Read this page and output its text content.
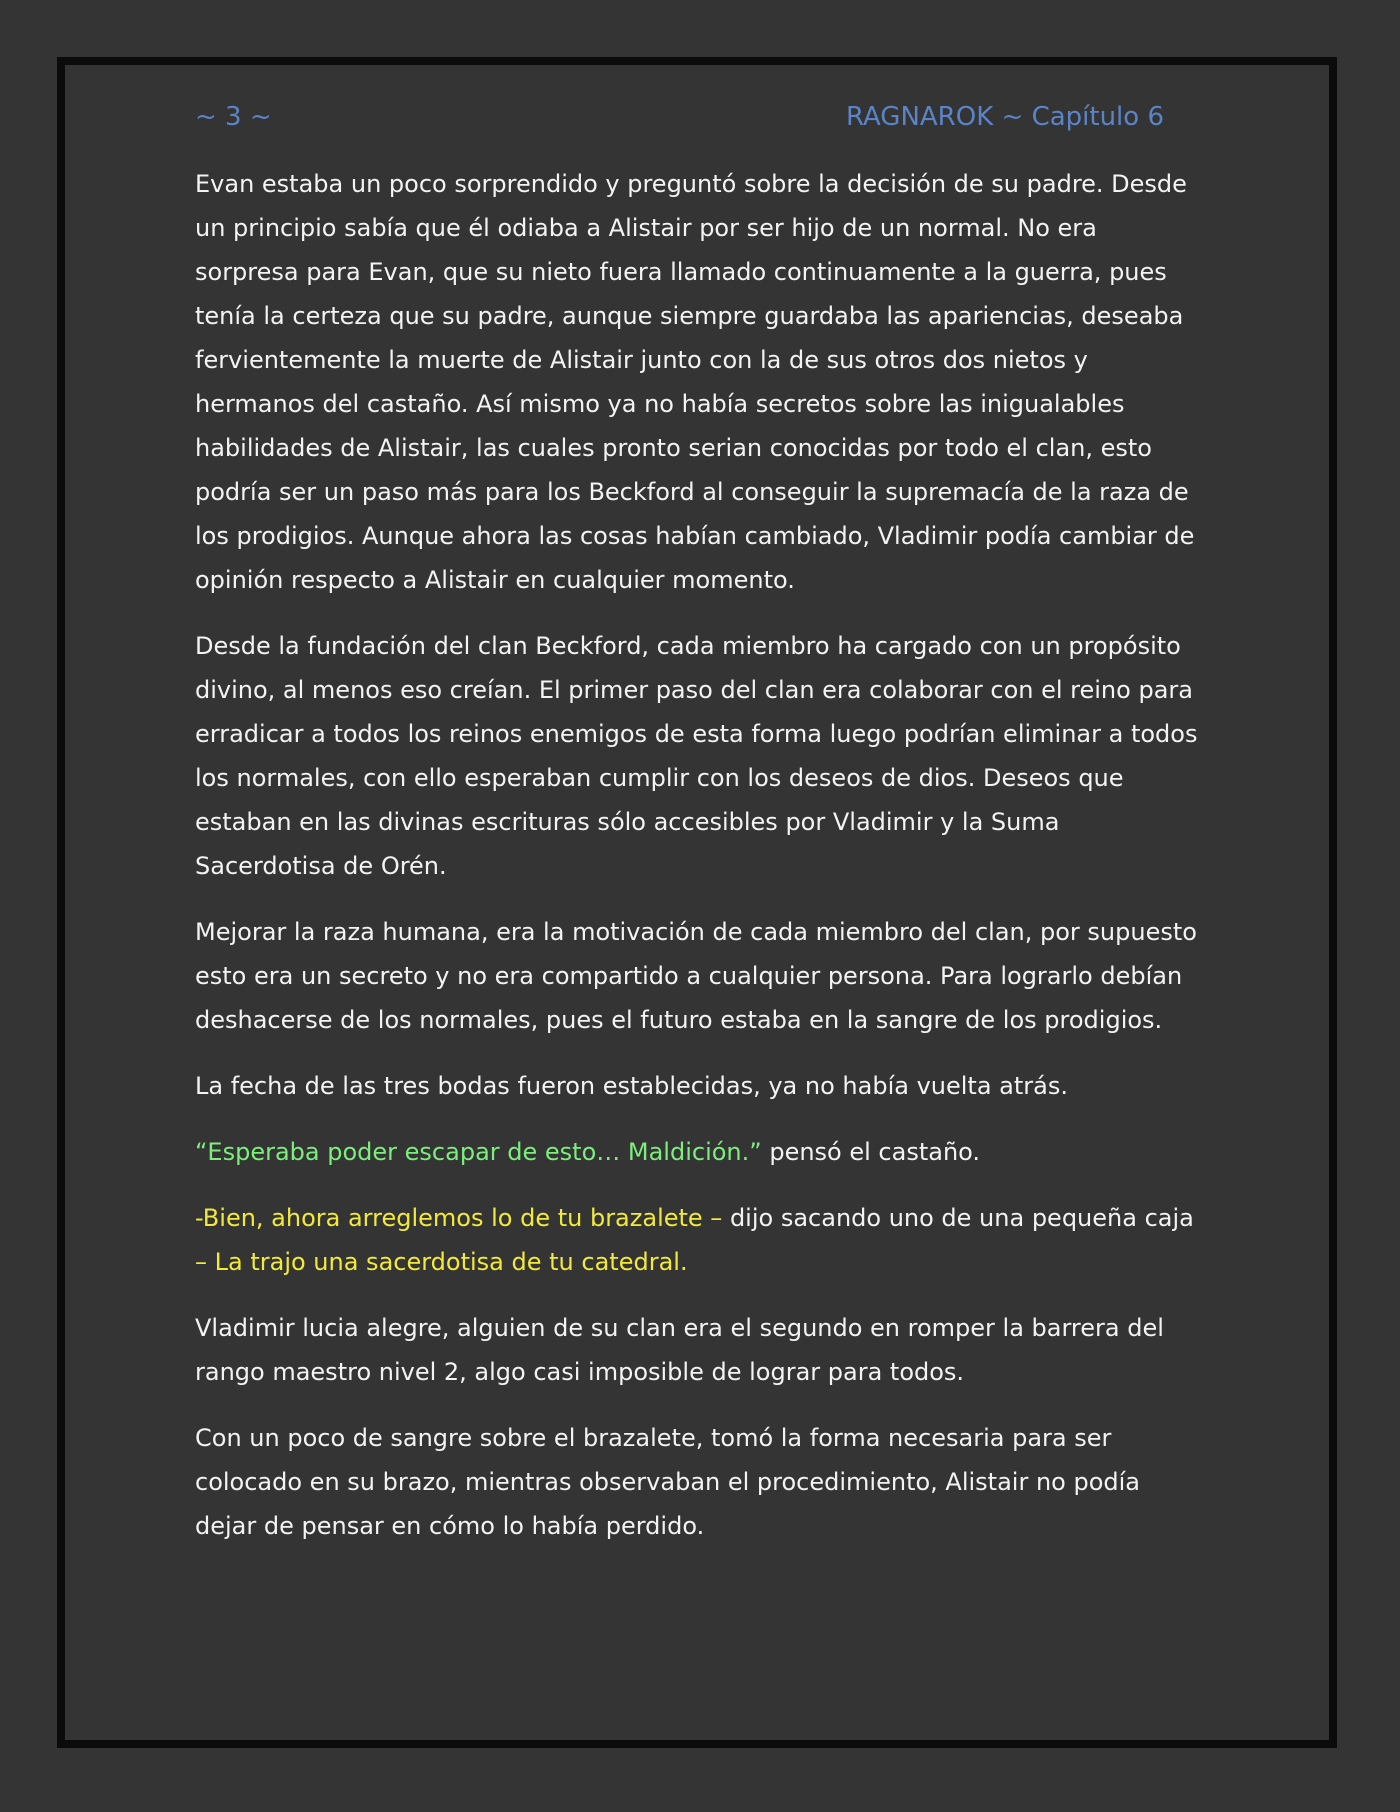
~ 3 ~	RAGNAROK ~ Capítulo 6

Evan estaba un poco sorprendido y preguntó sobre la decisión de su padre. Desde un principio sabía que él odiaba a Alistair por ser hijo de un normal. No era sorpresa para Evan, que su nieto fuera llamado continuamente a la guerra, pues tenía la certeza que su padre, aunque siempre guardaba las apariencias, deseaba fervientemente la muerte de Alistair junto con la de sus otros dos nietos y hermanos del castaño. Así mismo ya no había secretos sobre las inigualables habilidades de Alistair, las cuales pronto serian conocidas por todo el clan, esto podría ser un paso más para los Beckford al conseguir la supremacía de la raza de los prodigios. Aunque ahora las cosas habían cambiado, Vladimir podía cambiar de opinión respecto a Alistair en cualquier momento.

Desde la fundación del clan Beckford, cada miembro ha cargado con un propósito divino, al menos eso creían. El primer paso del clan era colaborar con el reino para erradicar a todos los reinos enemigos de esta forma luego podrían eliminar a todos los normales, con ello esperaban cumplir con los deseos de dios. Deseos que estaban en las divinas escrituras sólo accesibles por Vladimir y la Suma Sacerdotisa de Orén.

Mejorar la raza humana, era la motivación de cada miembro del clan, por supuesto esto era un secreto y no era compartido a cualquier persona. Para lograrlo debían deshacerse de los normales, pues el futuro estaba en la sangre de los prodigios.

La fecha de las tres bodas fueron establecidas, ya no había vuelta atrás.

“Esperaba poder escapar de esto… Maldición.” pensó el castaño.

-Bien, ahora arreglemos lo de tu brazalete – dijo sacando uno de una pequeña caja – La trajo una sacerdotisa de tu catedral.

Vladimir lucia alegre, alguien de su clan era el segundo en romper la barrera del rango maestro nivel 2, algo casi imposible de lograr para todos.

Con un poco de sangre sobre el brazalete, tomó la forma necesaria para ser colocado en su brazo, mientras observaban el procedimiento, Alistair no podía dejar de pensar en cómo lo había perdido.
